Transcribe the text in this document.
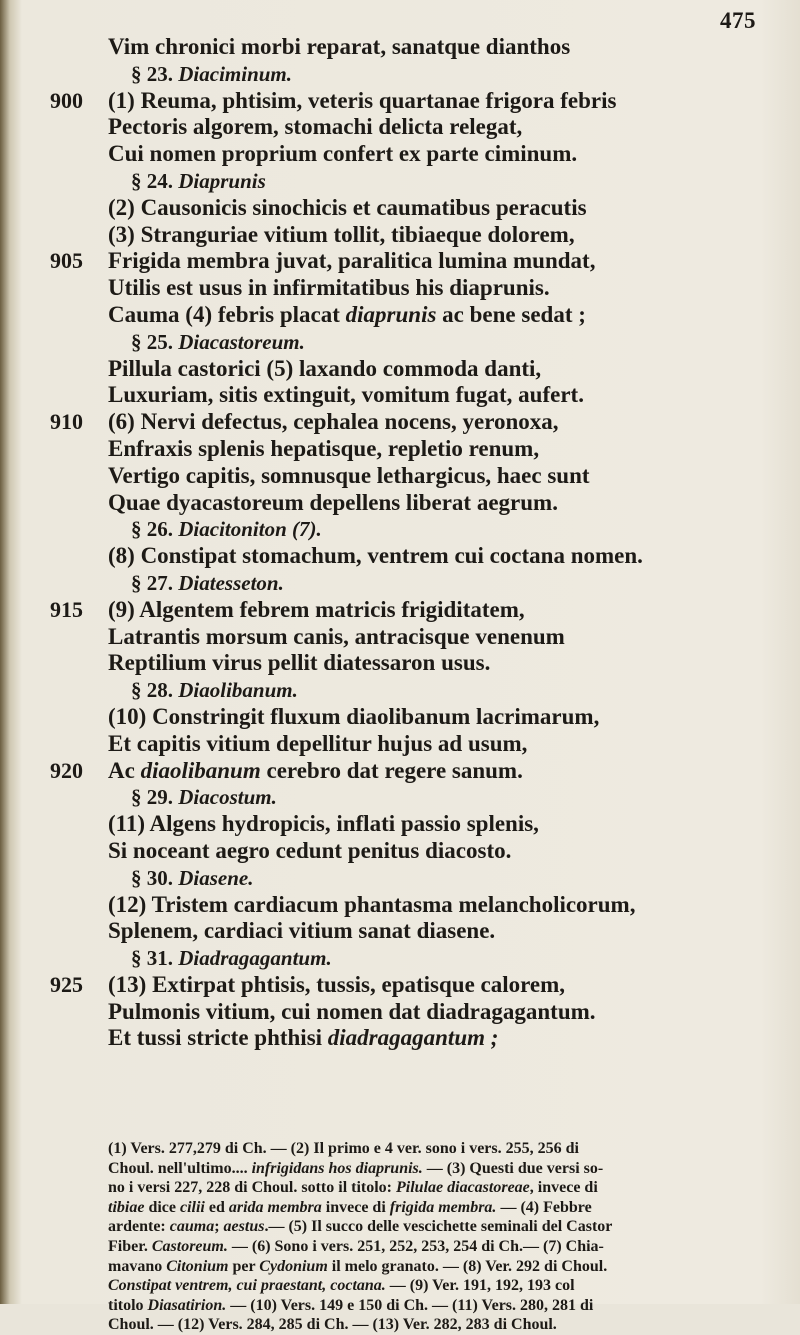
475
Vim chronici morbi reparat, sanatque dianthos
§ 23. Diaciminum.
900 (1) Reuma, phtisim, veteris quartanae frigora febris
Pectoris algorem, stomachi delicta relegat,
Cui nomen proprium confert ex parte ciminum.
§ 24. Diaprunis
(2) Causonicis sinochicis et caumatibus peracutis
(3) Stranguriae vitium tollit, tibiaeque dolorem,
905 Frigida membra juvat, paralitica lumina mundat,
Utilis est usus in infirmitatibus his diaprunis.
Cauma (4) febris placat diaprunis ac bene sedat ;
§ 25. Diacastoreum.
Pillula castorici (5) laxando commoda danti,
Luxuriam, sitis extinguit, vomitum fugat, aufert.
910 (6) Nervi defectus, cephalea nocens, yeronoxa,
Enfraxis splenis hepatisque, repletio renum,
Vertigo capitis, somnusque lethargicus, haec sunt
Quae dyacastoreum depellens liberat aegrum.
§ 26. Diacitoniton (7).
(8) Constipat stomachum, ventrem cui coctana nomen.
§ 27. Diatesseton.
915 (9) Algentem febrem matricis frigiditatem,
Latrantis morsum canis, antracisque venenum
Reptilium virus pellit diatessaron usus.
§ 28. Diaolibanum.
(10) Constringit fluxum diaolibanum lacrimarum,
Et capitis vitium depellitur hujus ad usum,
920 Ac diaolibanum cerebro dat regere sanum.
§ 29. Diacostum.
(11) Algens hydropicis, inflati passio splenis,
Si noceant aegro cedunt penitus diacosto.
§ 30. Diasene.
(12) Tristem cardiacum phantasma melancholicorum,
Splenem, cardiaci vitium sanat diasene.
§ 31. Diadragagantum.
925 (13) Extirpat phtisis, tussis, epatisque calorem,
Pulmonis vitium, cui nomen dat diadragagantum.
Et tussi stricte phthisi diadragagantum ;
(1) Vers. 277,279 di Ch. — (2) Il primo e 4 ver. sono i vers. 255, 256 di
Choul. nell'ultimo.... infrigidans hos diaprunis. — (3) Questi due versi so-
no i versi 227, 228 di Choul. sotto il titolo: Pilulae diacastoreae, invece di
tibiae dice cilii ed arida membra invece di frigida membra. — (4) Febbre
ardente: cauma; aestus.— (5) Il succo delle vescichette seminali del Castor
Fiber. Castoreum. — (6) Sono i vers. 251, 252, 253, 254 di Ch.— (7) Chia-
mavano Citonium per Cydonium il melo granato. — (8) Ver. 292 di Choul.
Constipat ventrem, cui praestant, coctana. — (9) Ver. 191, 192, 193 col
titolo Diasatirion. — (10) Vers. 149 e 150 di Ch. — (11) Vers. 280, 281 di
Choul. — (12) Vers. 284, 285 di Ch. — (13) Ver. 282, 283 di Choul.
